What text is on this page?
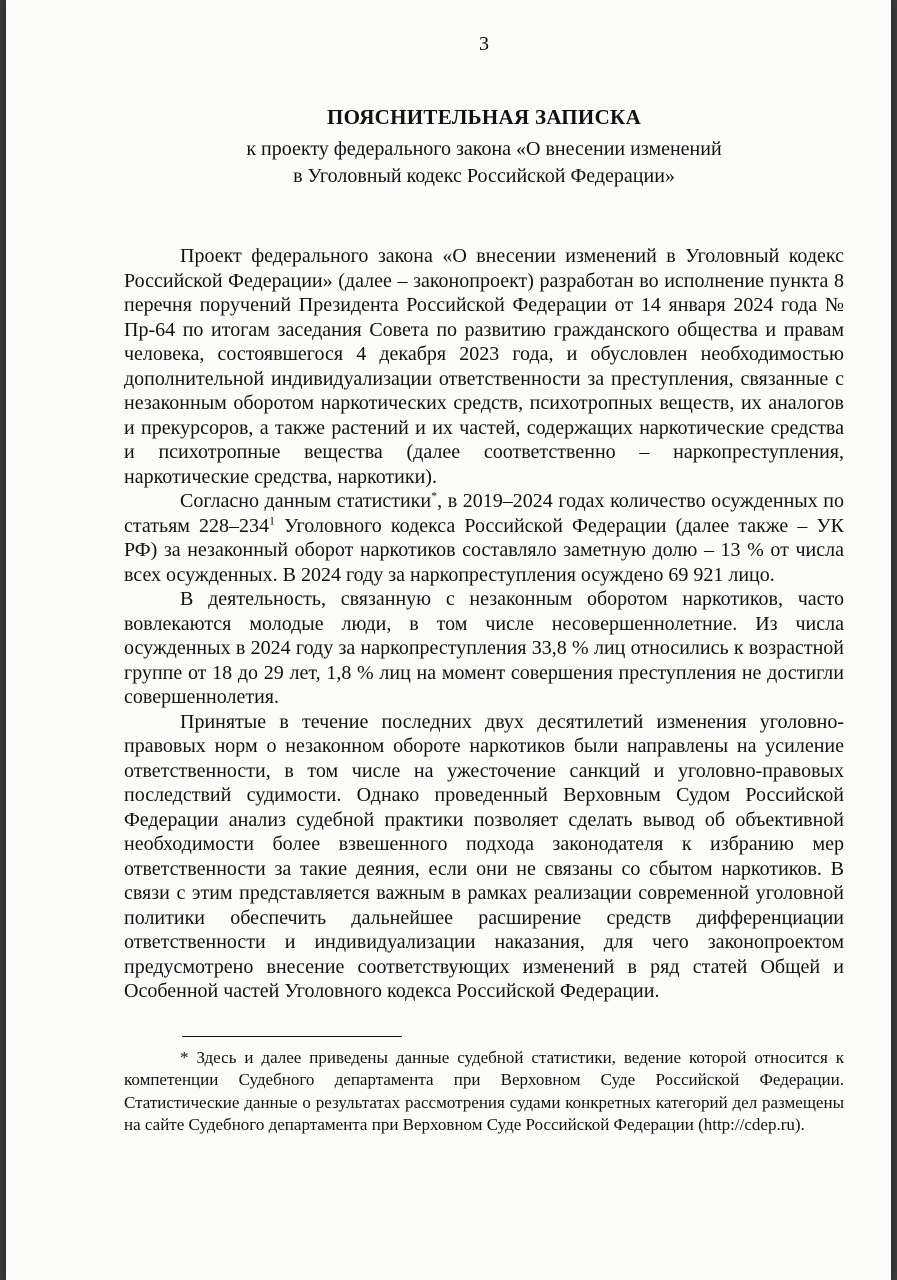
3
ПОЯСНИТЕЛЬНАЯ ЗАПИСКА
к проекту федерального закона «О внесении изменений
в Уголовный кодекс Российской Федерации»

Проект федерального закона «О внесении изменений в Уголовный кодекс Российской Федерации» (далее – законопроект) разработан во исполнение пункта 8 перечня поручений Президента Российской Федерации от 14 января 2024 года № Пр-64 по итогам заседания Совета по развитию гражданского общества и правам человека, состоявшегося 4 декабря 2023 года, и обусловлен необходимостью дополнительной индивидуализации ответственности за преступления, связанные с незаконным оборотом наркотических средств, психотропных веществ, их аналогов и прекурсоров, а также растений и их частей, содержащих наркотические средства и психотропные вещества (далее соответственно – наркопреступления, наркотические средства, наркотики).

Согласно данным статистики*, в 2019–2024 годах количество осужденных по статьям $228-234^1$ Уголовного кодекса Российской Федерации (далее также – УК РФ) за незаконный оборот наркотиков составляло заметную долю – 13 % от числа всех осужденных. В 2024 году за наркопреступления осуждено 69 921 лицо.

В деятельность, связанную с незаконным оборотом наркотиков, часто вовлекаются молодые люди, в том числе несовершеннолетние. Из числа осужденных в 2024 году за наркопреступления 33,8 % лиц относились к возрастной группе от 18 до 29 лет, 1,8 % лиц на момент совершения преступления не достигли совершеннолетия.

Принятые в течение последних двух десятилетий изменения уголовно-правовых норм о незаконном обороте наркотиков были направлены на усиление ответственности, в том числе на ужесточение санкций и уголовно-правовых последствий судимости. Однако проведенный Верховным Судом Российской Федерации анализ судебной практики позволяет сделать вывод об объективной необходимости более взвешенного подхода законодателя к избранию мер ответственности за такие деяния, если они не связаны со сбытом наркотиков. В связи с этим представляется важным в рамках реализации современной уголовной политики обеспечить дальнейшее расширение средств дифференциации ответственности и индивидуализации наказания, для чего законопроектом предусмотрено внесение соответствующих изменений в ряд статей Общей и Особенной частей Уголовного кодекса Российской Федерации.

* Здесь и далее приведены данные судебной статистики, ведение которой относится к компетенции Судебного департамента при Верховном Суде Российской Федерации. Статистические данные о результатах рассмотрения судами конкретных категорий дел размещены на сайте Судебного департамента при Верховном Суде Российской Федерации (http://cdep.ru).
